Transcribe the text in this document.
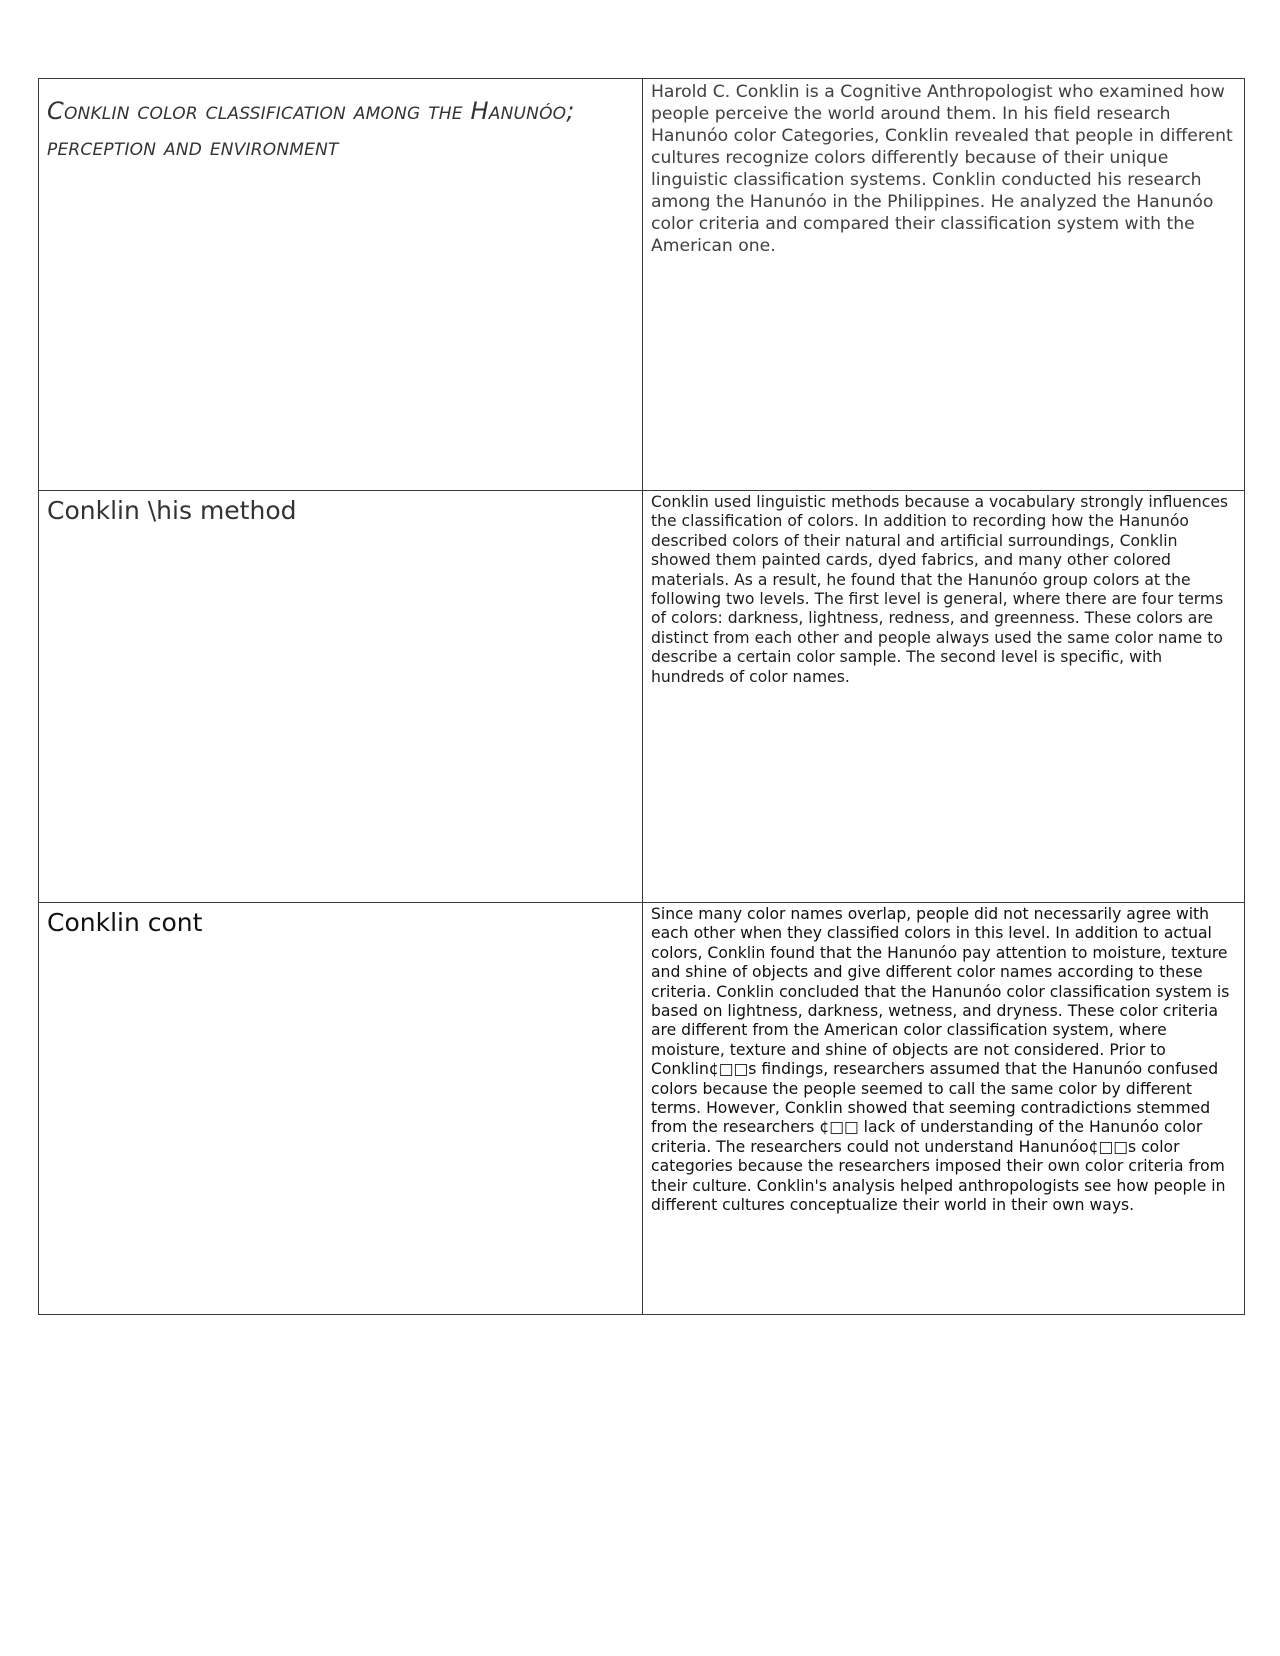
Conklin color classification among the Hanunóo; perception and environment	Harold C. Conklin is a Cognitive Anthropologist who examined how people perceive the world around them. In his field research Hanunóo color Categories, Conklin revealed that people in different cultures recognize colors differently because of their unique linguistic classification systems. Conklin conducted his research among the Hanunóo in the Philippines. He analyzed the Hanunóo color criteria and compared their classification system with the American one.

Conklin \his method	Conklin used linguistic methods because a vocabulary strongly influences the classification of colors. In addition to recording how the Hanunóo described colors of their natural and artificial surroundings, Conklin showed them painted cards, dyed fabrics, and many other colored materials. As a result, he found that the Hanunóo group colors at the following two levels. The first level is general, where there are four terms of colors: darkness, lightness, redness, and greenness. These colors are distinct from each other and people always used the same color name to describe a certain color sample. The second level is specific, with hundreds of color names.

Conklin cont	Since many color names overlap, people did not necessarily agree with each other when they classified colors in this level. In addition to actual colors, Conklin found that the Hanunóo pay attention to moisture, texture and shine of objects and give different color names according to these criteria. Conklin concluded that the Hanunóo color classification system is based on lightness, darkness, wetness, and dryness. These color criteria are different from the American color classification system, where moisture, texture and shine of objects are not considered. Prior to Conklin¢□□s findings, researchers assumed that the Hanunóo confused colors because the people seemed to call the same color by different terms. However, Conklin showed that seeming contradictions stemmed from the researchers ¢□□ lack of understanding of the Hanunóo color criteria. The researchers could not understand Hanunóo¢□□s color categories because the researchers imposed their own color criteria from their culture. Conklin's analysis helped anthropologists see how people in different cultures conceptualize their world in their own ways.
